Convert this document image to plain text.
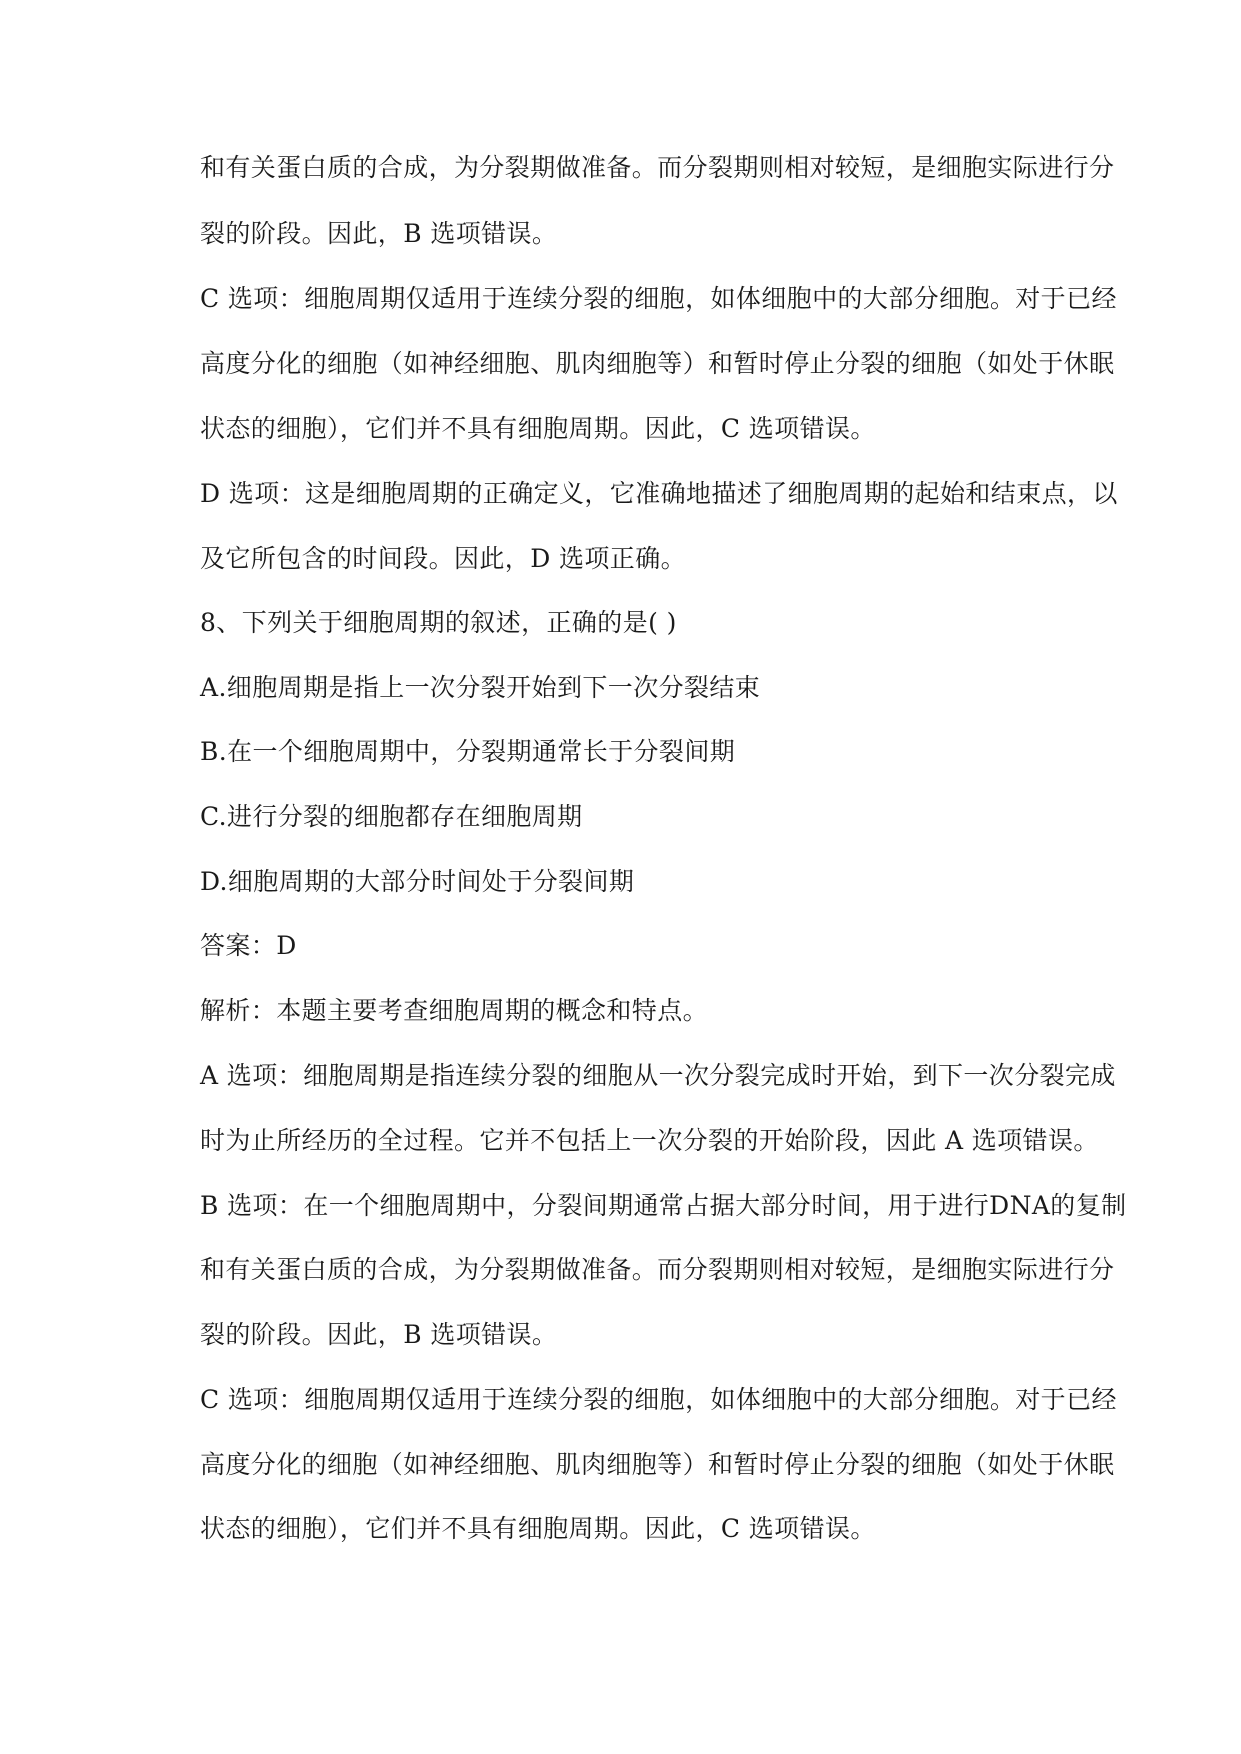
和有关蛋白质的合成，为分裂期做准备。而分裂期则相对较短，是细胞实际进行分
裂的阶段。因此，B 选项错误。
C 选项：细胞周期仅适用于连续分裂的细胞，如体细胞中的大部分细胞。对于已经
高度分化的细胞（如神经细胞、肌肉细胞等）和暂时停止分裂的细胞（如处于休眠
状态的细胞），它们并不具有细胞周期。因此，C 选项错误。
D 选项：这是细胞周期的正确定义，它准确地描述了细胞周期的起始和结束点，以
及它所包含的时间段。因此，D 选项正确。
8、下列关于细胞周期的叙述，正确的是( )
A.细胞周期是指上一次分裂开始到下一次分裂结束
B.在一个细胞周期中，分裂期通常长于分裂间期
C.进行分裂的细胞都存在细胞周期
D.细胞周期的大部分时间处于分裂间期
答案：D
解析：本题主要考查细胞周期的概念和特点。
A 选项：细胞周期是指连续分裂的细胞从一次分裂完成时开始，到下一次分裂完成
时为止所经历的全过程。它并不包括上一次分裂的开始阶段，因此 A 选项错误。
B 选项：在一个细胞周期中，分裂间期通常占据大部分时间，用于进行DNA的复制
和有关蛋白质的合成，为分裂期做准备。而分裂期则相对较短，是细胞实际进行分
裂的阶段。因此，B 选项错误。
C 选项：细胞周期仅适用于连续分裂的细胞，如体细胞中的大部分细胞。对于已经
高度分化的细胞（如神经细胞、肌肉细胞等）和暂时停止分裂的细胞（如处于休眠
状态的细胞），它们并不具有细胞周期。因此，C 选项错误。
